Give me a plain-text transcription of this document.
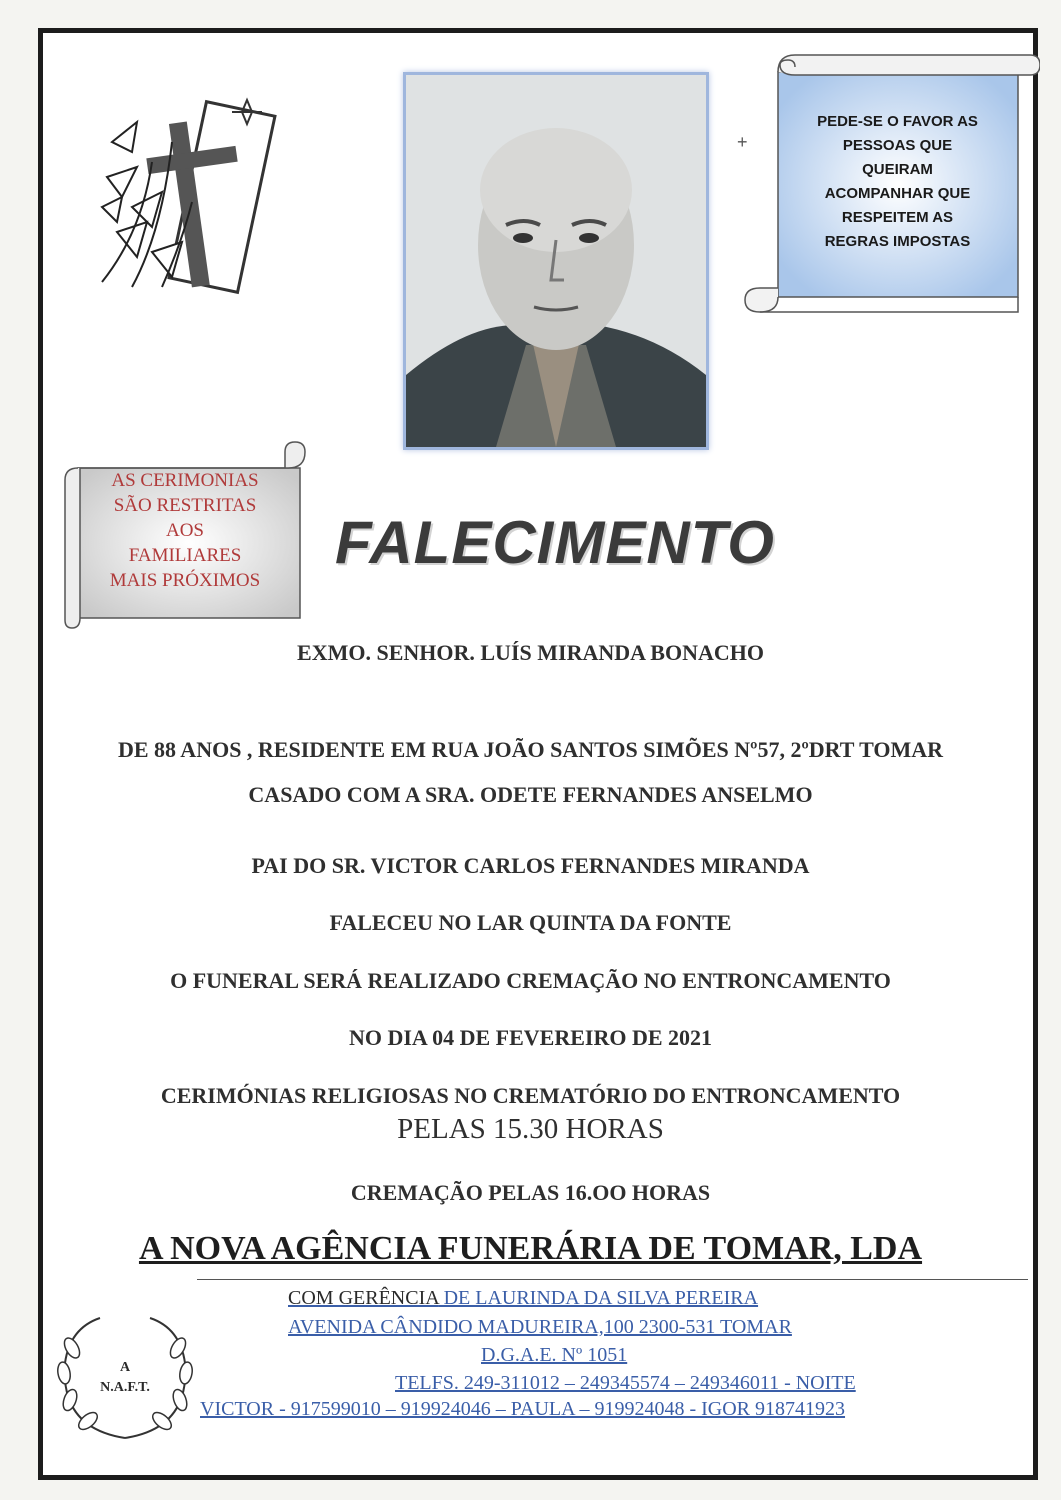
+
PEDE-SE O FAVOR AS
PESSOAS QUE
QUEIRAM
ACOMPANHAR QUE
RESPEITEM AS
REGRAS IMPOSTAS
AS CERIMONIAS
SÃO RESTRITAS
AOS
FAMILIARES
MAIS PRÓXIMOS
FALECIMENTO

EXMO. SENHOR. LUÍS MIRANDA BONACHO

DE 88 ANOS , RESIDENTE EM RUA JOÃO SANTOS SIMÕES Nº57, 2ºDRT TOMAR

CASADO COM A SRA. ODETE FERNANDES ANSELMO

PAI DO SR. VICTOR CARLOS FERNANDES MIRANDA

FALECEU NO LAR QUINTA DA FONTE

O FUNERAL SERÁ REALIZADO CREMAÇÃO NO ENTRONCAMENTO

NO DIA 04 DE FEVEREIRO DE 2021

CERIMÓNIAS RELIGIOSAS NO CREMATÓRIO DO ENTRONCAMENTO

PELAS 15.30 HORAS

CREMAÇÃO PELAS 16.OO HORAS

A NOVA AGÊNCIA FUNERÁRIA DE TOMAR, LDA

COM GERÊNCIA DE LAURINDA DA SILVA PEREIRA

AVENIDA CÂNDIDO MADUREIRA,100 2300-531 TOMAR

D.G.A.E. Nº 1051

TELFS. 249-311012 – 249345574 – 249346011 - NOITE

VICTOR - 917599010 – 919924046 – PAULA – 919924048 - IGOR 918741923

A

N.A.F.T.
